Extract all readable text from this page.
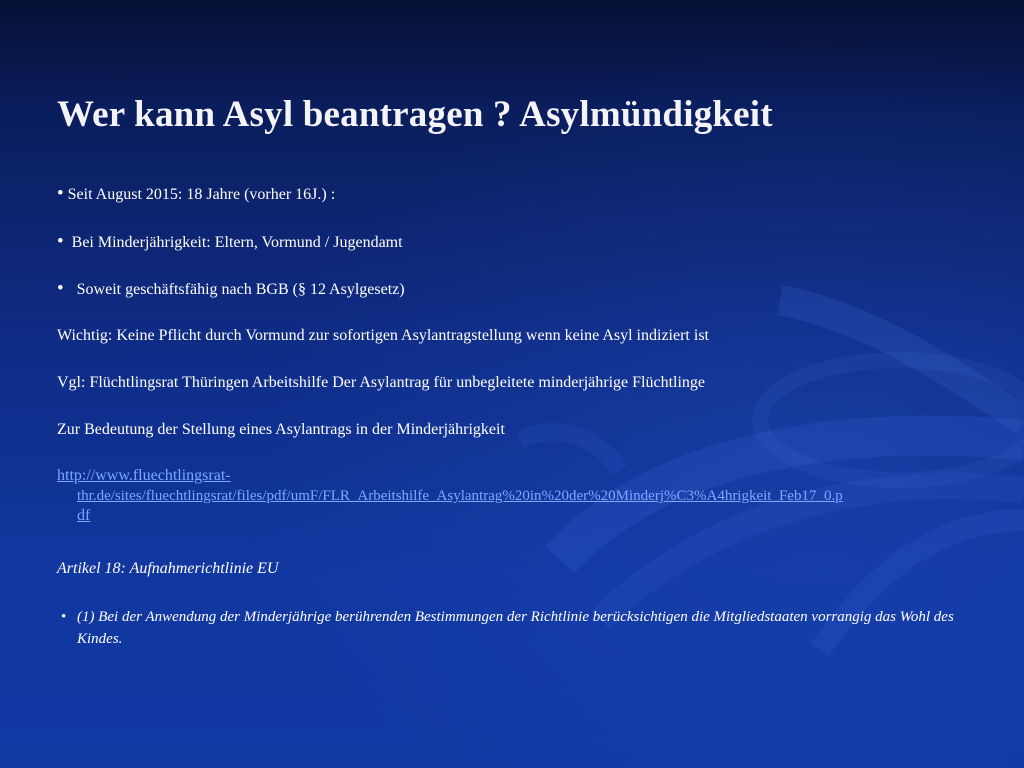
Wer kann Asyl beantragen ? Asylmündigkeit
• Seit August 2015: 18 Jahre (vorher 16J.) :
• Bei Minderjährigkeit: Eltern, Vormund / Jugendamt
• Soweit geschäftsfähig nach BGB (§ 12 Asylgesetz)
Wichtig: Keine Pflicht durch Vormund zur sofortigen Asylantragstellung wenn keine Asyl indiziert ist
Vgl: Flüchtlingsrat Thüringen Arbeitshilfe Der Asylantrag für unbegleitete minderjährige Flüchtlinge
Zur Bedeutung der Stellung eines Asylantrags in der Minderjährigkeit
http://www.fluechtlingsrat-
thr.de/sites/fluechtlingsrat/files/pdf/umF/FLR_Arbeitshilfe_Asylantrag%20in%20der%20Minderj%C3%A4hrigkeit_Feb17_0.p
df
Artikel 18: Aufnahmerichtlinie EU
• (1) Bei der Anwendung der Minderjährige berührenden Bestimmungen der Richtlinie berücksichtigen die Mitgliedstaaten vorrangig das Wohl des Kindes.
